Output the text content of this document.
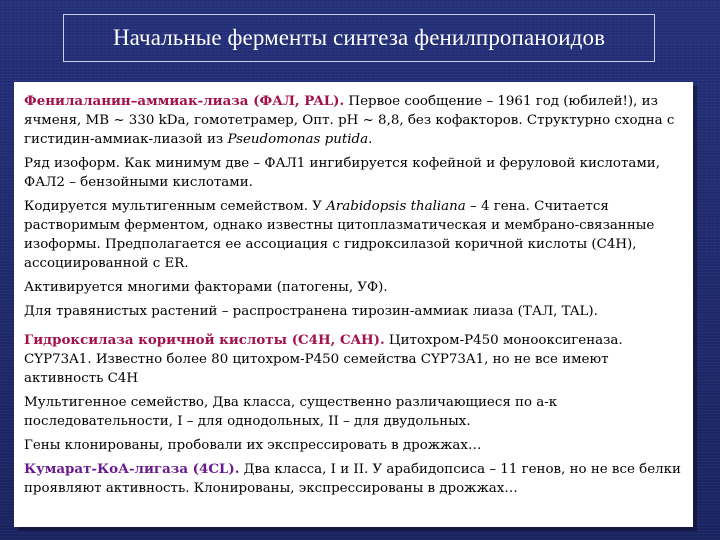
Начальные ферменты синтеза фенилпропаноидов

Фенилаланин–аммиак-лиаза (ФАЛ, PAL). Первое сообщение – 1961 год (юбилей!), из ячменя, MB ~ 330 kDa, гомотетрамер, Опт. pH ~ 8,8, без кофакторов. Структурно сходна с гистидин-аммиак-лиазой из Pseudomonas putida.

Ряд изоформ. Как минимум две – ФАЛ1 ингибируется кофейной и феруловой кислотами, ФАЛ2 – бензойными кислотами.

Кодируется мультигенным семейством. У Arabidopsis thaliana – 4 гена. Считается растворимым ферментом, однако известны цитоплазматическая и мембрано-связанные изоформы. Предполагается ее ассоциация с гидроксилазой коричной кислоты (С4Н), ассоциированной с ER.

Активируется многими факторами (патогены, УФ).

Для травянистых растений – распространена тирозин-аммиак лиаза (ТАЛ, TAL).

Гидроксилаза коричной кислоты (С4Н, CAH). Цитохром-Р450 монооксигеназа. CYP73A1. Известно более 80 цитохром-Р450 семейства CYP73A1, но не все имеют активность С4Н

Мультигенное семейство, Два класса, существенно различающиеся по а-к последовательности, I – для однодольных, II – для двудольных.

Гены клонированы, пробовали их экспрессировать в дрожжах…

Кумарат-КоА-лигаза (4CL). Два класса, I и II. У арабидопсиса – 11 генов, но не все белки проявляют активность. Клонированы, экспрессированы в дрожжах…
